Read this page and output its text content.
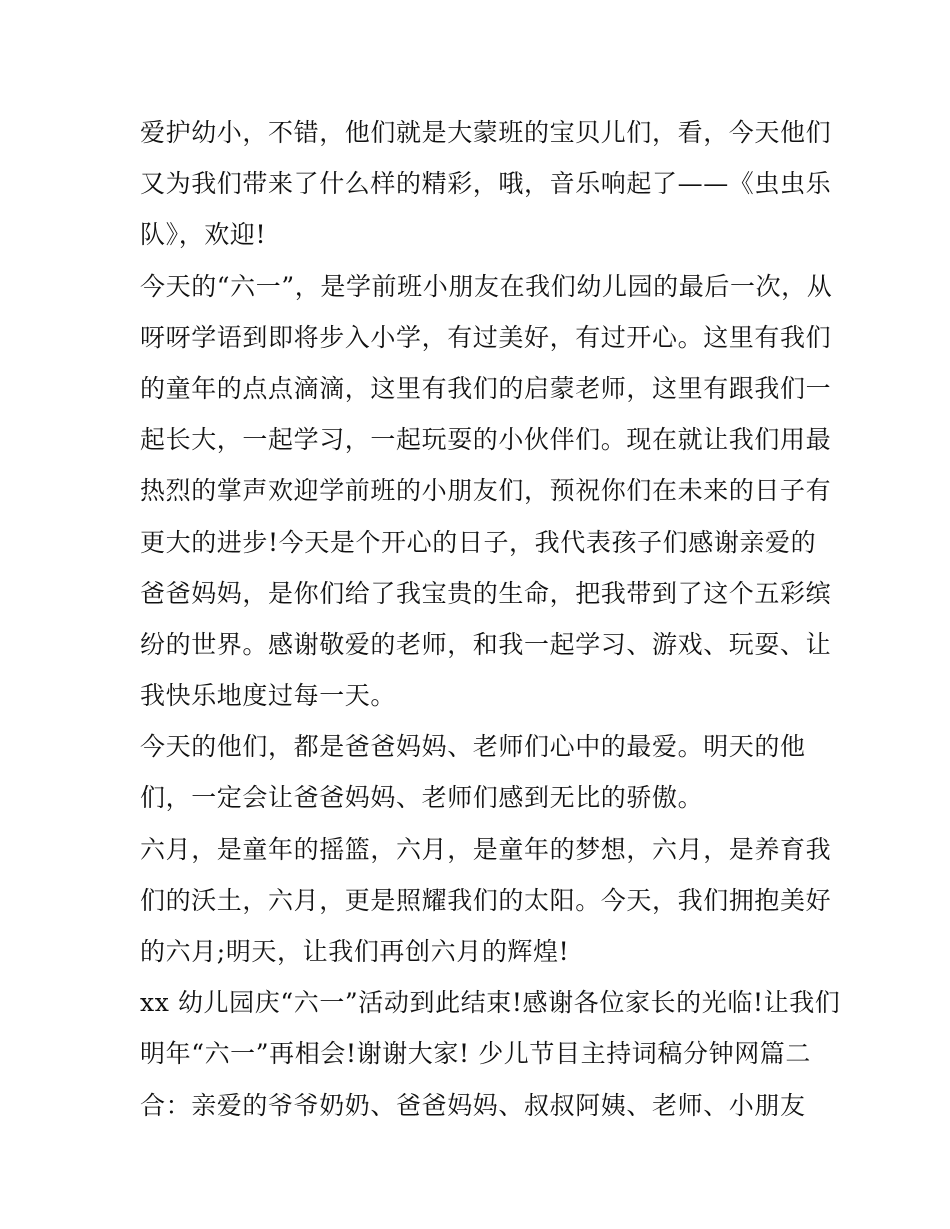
爱护幼小，不错，他们就是大蒙班的宝贝儿们，看，今天他们
又为我们带来了什么样的精彩，哦，音乐响起了——《虫虫乐
队》，欢迎!
今天的“六一”，是学前班小朋友在我们幼儿园的最后一次，从
呀呀学语到即将步入小学，有过美好，有过开心。这里有我们
的童年的点点滴滴，这里有我们的启蒙老师，这里有跟我们一
起长大，一起学习，一起玩耍的小伙伴们。现在就让我们用最
热烈的掌声欢迎学前班的小朋友们，预祝你们在未来的日子有
更大的进步!今天是个开心的日子，我代表孩子们感谢亲爱的
爸爸妈妈，是你们给了我宝贵的生命，把我带到了这个五彩缤
纷的世界。感谢敬爱的老师，和我一起学习、游戏、玩耍、让
我快乐地度过每一天。
今天的他们，都是爸爸妈妈、老师们心中的最爱。明天的他
们，一定会让爸爸妈妈、老师们感到无比的骄傲。
六月，是童年的摇篮，六月，是童年的梦想，六月，是养育我
们的沃土，六月，更是照耀我们的太阳。今天，我们拥抱美好
的六月;明天，让我们再创六月的辉煌!
xx 幼儿园庆“六一”活动到此结束!感谢各位家长的光临!让我们
明年“六一”再相会!谢谢大家! 少儿节目主持词稿分钟网篇二
合：亲爱的爷爷奶奶、爸爸妈妈、叔叔阿姨、老师、小朋友
